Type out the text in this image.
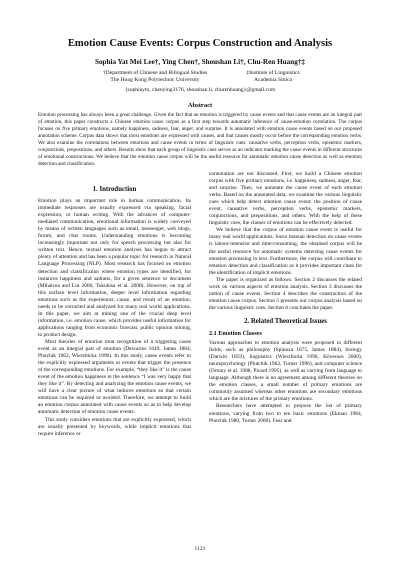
Emotion Cause Events: Corpus Construction and Analysis
Sophia Yat Mei Lee†, Ying Chen†, Shoushan Li†, Chu-Ren Huang†‡
†Department of Chinese and Bilingual Studies
The Hong Kong Polytechnic University
‡Institute of Linguistics
Academia Sinica
{sophiaym, chenying3176, shoushan.li, churenhuang}@gmail.com
Abstract
Emotion processing has always been a great challenge. Given the fact that an emotion is triggered by cause events and that cause events are an integral part of emotion, this paper constructs a Chinese emotion cause corpus as a first step towards automatic inference of cause-emotion correlation. The corpus focuses on five primary emotions, namely happiness, sadness, fear, anger, and surprise. It is annotated with emotion cause events based on our proposed annotation scheme. Corpus data shows that most emotions are expressed with causes, and that causes mostly occur before the corresponding emotion verbs. We also examine the correlations between emotions and cause events in terms of linguistic cues: causative verbs, perception verbs, epistemic markers, conjunctions, prepositions, and others. Results show that each group of linguistic cues serves as an indicator marking the cause events in different structures of emotional constructions. We believe that the emotion cause corpus will be the useful resource for automatic emotion cause detection as well as emotion detection and classification.
1. Introduction

Emotion plays an important role in human communication. Its immediate responses are usually expressed via speaking, facial expression, or human writing. With the advances of computer-mediated communication, emotional information is widely conveyed by means of written languages such as email, messenger, web blogs, forum, and chat rooms. Understanding emotions is becoming increasingly important not only for speech processing but also for written text. Hence, textual emotion analysis has begun to attract plenty of attention and has been a popular topic for research in Natural Language Processing (NLP). Most research has focused on emotion detection and classification where emotion types are identified, for instances happiness and sadness, for a given sentence or document (Mihalcea and Liu 2006, Tokuhisa et al. 2008). However, on top of this surface level information, deeper level information regarding emotions such as the experiencer, cause, and result of an emotion, needs to be extracted and analyzed for many real world applications. In this paper, we aim at mining one of the crucial deep level information, i.e. emotion cause, which provides useful information for applications ranging from economic forecast, public opinion mining, to product design.

Most theories of emotion treat recognition of a triggering cause event as an integral part of emotion (Descartes 1649, James 1884, Plutchik 1962, Wierzbicka 1996). In this study, cause events refer to the explicitly expressed arguments or events that trigger the presence of the corresponding emotions. For example, “they like it” is the cause event of the emotion happiness in the sentence “I was very happy that they like it”. By detecting and analyzing the emotion cause events, we will have a clear picture of what induces emotions so that certain emotions can be inquired or avoided. Therefore, we attempt to build an emotion corpus annotated with cause events so as to help develop automatic detection of emotion cause events.

This study considers emotions that are explicitly expressed, which are usually presented by keywords, while implicit emotions that require inference or

connotation are not discussed. First, we build a Chinese emotion corpus with five primary emotions, i.e. happiness, sadness, anger, fear, and surprise. Then, we annotate the cause event of each emotion verbs. Based on the annotated data, we examine the various linguistic cues which help detect emotion cause event: the position of cause event, causative verbs, perception verbs, epistemic markers, conjunctions, and prepositions, and others. With the help of these linguistic cues, the classes of emotions can be effectively detected.

We believe that the corpus of emotion cause event is useful for many real world applications. Since manual detection on cause events is labour-intensive and time-consuming, the obtained corpus will be the useful resource for automatic systems detecting cause events for emotion processing in text. Furthermore, the corpus will contribute to emotion detection and classification as it provides important clues for the identification of implicit emotions.

The paper is organized as follows. Section 2 discusses the related work on various aspects of emotion analysis. Section 3 discusses the notion of cause events. Section 4 describes the construction of the emotion cause corpus. Section 5 presents our corpus analysis based on the various linguistic cues. Section 6 concludes the paper.

2. Related Theoretical Issues
2.1 Emotion Classes

Various approaches to emotion analysis were proposed in different fields, such as philosophy (Spinoza 1675, James 1884), biology (Darwin 1859), linguistics (Wierzbicka 1996, Kövecses 2000), neuropsychology (Plutchik 1962, Turner 1996), and computer science (Ortony et al. 1988, Picard 1995), as well as varying from language to language. Although there is no agreement among different theories on the emotion classes, a small number of primary emotions are commonly assumed whereas other emotions are secondary emotions which are the mixtures of the primary emotions.

Researchers have attempted to propose the list of primary emotions, varying from two to ten basic emotions (Ekman 1984, Plutchik 1980, Turner 2000). Fear and

1121
